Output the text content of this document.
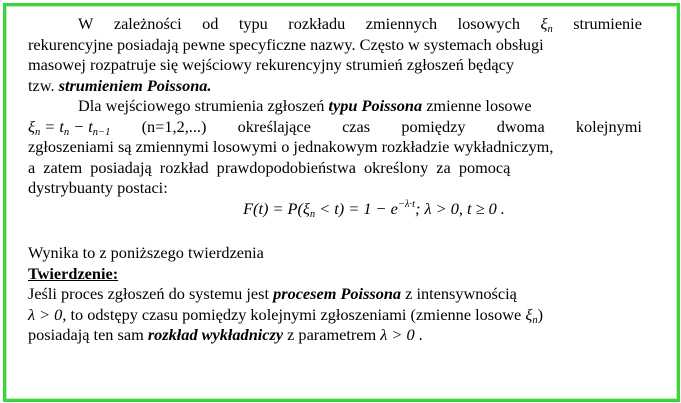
W zależności od typu rozkładu zmiennych losowych $\xi_n$ strumienie
rekurencyjne posiadają pewne specyficzne nazwy. Często w systemach obsługi
masowej rozpatruje się wejściowy rekurencyjny strumień zgłoszeń będący
tzw. strumieniem Poissona.
Dla wejściowego strumienia zgłoszeń typu Poissona zmienne losowe
$\xi_n = t_n - t_{n-1}$ (n=1,2,...) określające czas pomiędzy dwoma kolejnymi
zgłoszeniami są zmiennymi losowymi o jednakowym rozkładzie wykładniczym,
a zatem posiadają rozkład prawdopodobieństwa określony za pomocą
dystrybuanty postaci:
$F(t) = P(\xi_n < t) = 1 - e^{-\lambda\cdot t}$; λ > 0, t ≥ 0 .
Wynika to z poniższego twierdzenia
Twierdzenie:
Jeśli proces zgłoszeń do systemu jest procesem Poissona z intensywnością
λ > 0, to odstępy czasu pomiędzy kolejnymi zgłoszeniami (zmienne losowe $\xi_n$)
posiadają ten sam rozkład wykładniczy z parametrem λ > 0 .
